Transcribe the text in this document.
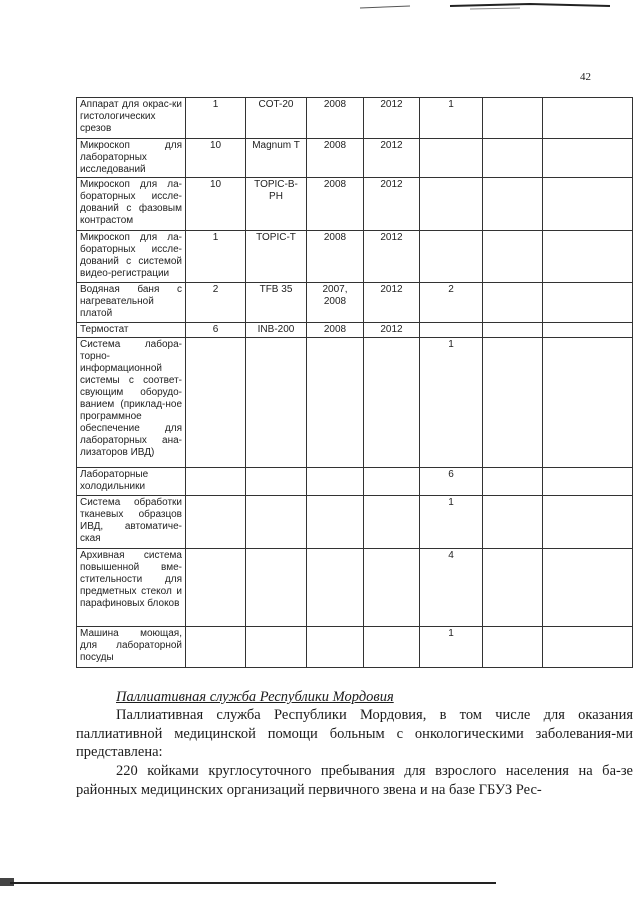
42
Аппарат для окрас-ки гистологических срезов	1	COT-20	2008	2012	1		
Микроскоп для лабораторных исследований	10	Magnum T	2008	2012			
Микроскоп для ла-бораторных иссле-дований с фазовым контрастом	10	TOPIC-B-PH	2008	2012			
Микроскоп для ла-бораторных иссле-дований с системой видео-регистрации	1	TOPIC-T	2008	2012			
Водяная баня с нагревательной платой	2	TFB 35	2007, 2008	2012	2		
Термостат	6	INB-200	2008	2012			
Система лабора-торно-информационной системы с соответ-свующим оборудо-ванием (приклад-ное программное обеспечение для лабораторных ана-лизаторов ИВД)					1		
Лабораторные холодильники					6		
Система обработки тканевых образцов ИВД, автоматиче-ская					1		
Архивная система повышенной вме-стительности для предметных стекол и парафиновых блоков					4		
Машина моющая, для лабораторной посуды					1		
Паллиативная служба Республики Мордовия
Паллиативная служба Республики Мордовия, в том числе для оказания паллиативной медицинской помощи больным с онкологическими заболевания-ми представлена:
220 койками круглосуточного пребывания для взрослого населения на ба-зе районных медицинских организаций первичного звена и на базе ГБУЗ Рес-
